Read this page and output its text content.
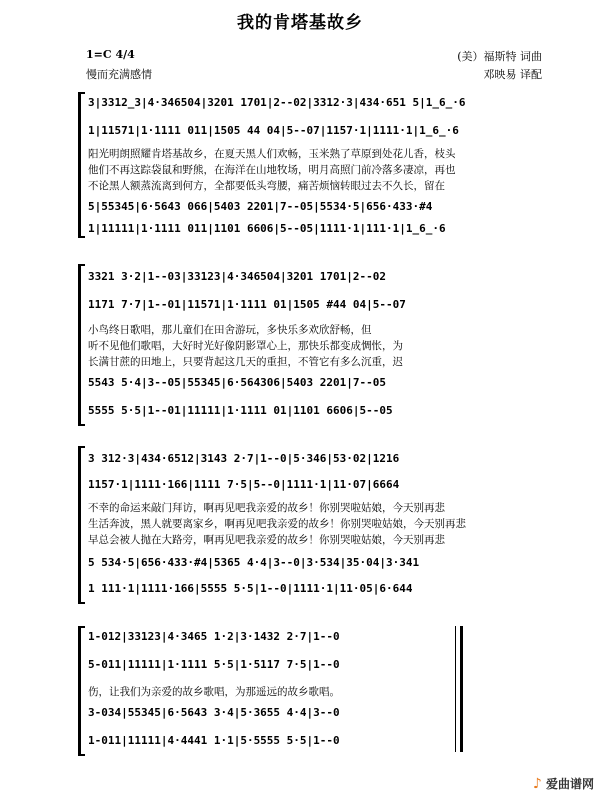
我的肯塔基故乡
(美）福斯特 词曲
邓映易 译配
1=C 4/4
慢而充满感情
3|3312̲3|4·346504|3201 1701|2--02|3312·3|434·651 5|1̲6̲·6
1|11571|1·1111 011|1505 44 04|5--07|1157·1|1111·1|1̲6̲·6
阳光明朗照耀肯塔基故乡，在夏天黑人们欢畅，玉米熟了草原到处花儿香，枝头
他们不再这踪袋鼠和野熊，在海洋在山地牧场，明月高照门前冷落多凄凉，再也
不论黑人额蒸流离到何方，全都要低头弯腰，痛苦烦恼转眼过去不久长，留在
5|55345|6·5643 066|5403 2201|7--05|5534·5|656·433·#4
1|11111|1·1111 011|1101 6606|5--05|1111·1|111·1|1̲6̲·6
3321 3·2|1--03|33123|4·346504|3201 1701|2--02
1171 7·7|1--01|11571|1·1111 01|1505 #44 04|5--07
小鸟终日歌唱，那儿童们在田舍游玩，多快乐多欢欣舒畅，但
听不见他们歌唱，大好时光好像阴影罩心上，那快乐都变成惆怅，为
长满甘蔗的田地上，只要背起这几天的重担，不管它有多么沉重，迟
5543 5·4|3--05|55345|6·564306|5403 2201|7--05
5555 5·5|1--01|11111|1·1111 01|1101 6606|5--05
3 312·3|434·6512|3143 2·7|1--0|5·346|53·02|1216
1157·1|1111·166|1111 7·5|5--0|1111·1|11·07|6664
不幸的命运来敲门拜访，啊再见吧我亲爱的故乡！你别哭啦姑娘，今天别再悲
生活奔波，黑人就要离家乡，啊再见吧我亲爱的故乡！你别哭啦姑娘，今天别再悲
早总会被人抛在大路旁，啊再见吧我亲爱的故乡！你别哭啦姑娘，今天别再悲
5 534·5|656·433·#4|5365 4·4|3--0|3·534|35·04|3·341
1 111·1|1111·166|5555 5·5|1--0|1111·1|11·05|6·644
1-012|33123|4·3465 1·2|3·1432 2·7|1--0
5-011|11111|1·1111 5·5|1·5117 7·5|1--0
伤，让我们为亲爱的故乡歌唱，为那遥远的故乡歌唱。
3-034|55345|6·5643 3·4|5·3655 4·4|3--0
1-011|11111|4·4441 1·1|5·5555 5·5|1--0
♪ 爱曲谱网
